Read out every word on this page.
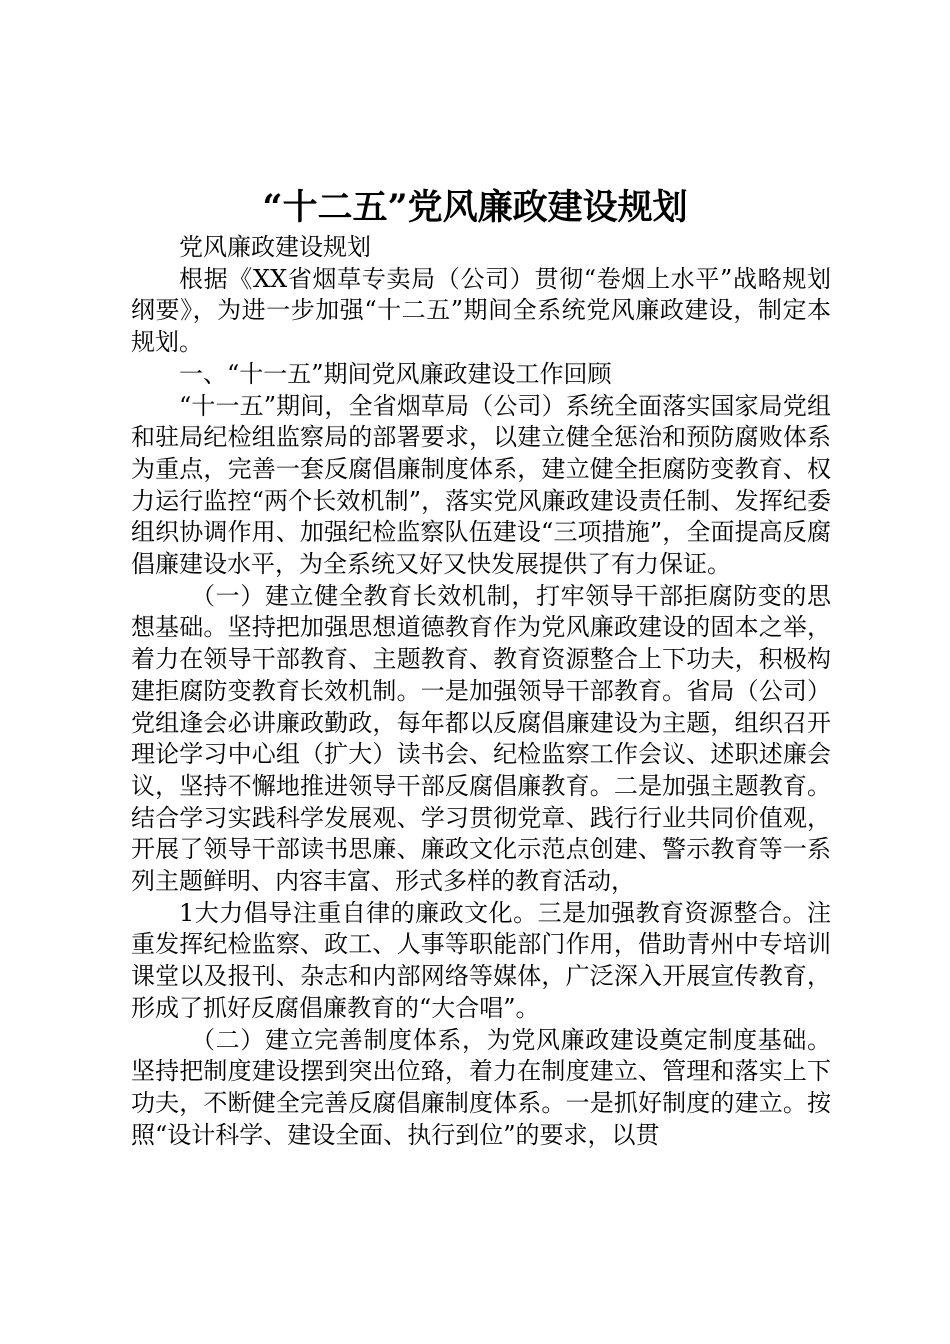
“十二五”党风廉政建设规划

党风廉政建设规划

根据《XX省烟草专卖局（公司）贯彻“卷烟上水平”战略规划纲要》，为进一步加强“十二五”期间全系统党风廉政建设，制定本规划。

一、“十一五”期间党风廉政建设工作回顾

“十一五”期间，全省烟草局（公司）系统全面落实国家局党组和驻局纪检组监察局的部署要求，以建立健全惩治和预防腐败体系为重点，完善一套反腐倡廉制度体系，建立健全拒腐防变教育、权力运行监控“两个长效机制”，落实党风廉政建设责任制、发挥纪委组织协调作用、加强纪检监察队伍建设“三项措施”，全面提高反腐倡廉建设水平，为全系统又好又快发展提供了有力保证。

（一）建立健全教育长效机制，打牢领导干部拒腐防变的思想基础。坚持把加强思想道德教育作为党风廉政建设的固本之举，着力在领导干部教育、主题教育、教育资源整合上下功夫，积极构建拒腐防变教育长效机制。一是加强领导干部教育。省局（公司）党组逢会必讲廉政勤政，每年都以反腐倡廉建设为主题，组织召开理论学习中心组（扩大）读书会、纪检监察工作会议、述职述廉会议，坚持不懈地推进领导干部反腐倡廉教育。二是加强主题教育。结合学习实践科学发展观、学习贯彻党章、践行行业共同价值观，开展了领导干部读书思廉、廉政文化示范点创建、警示教育等一系列主题鲜明、内容丰富、形式多样的教育活动，

1大力倡导注重自律的廉政文化。三是加强教育资源整合。注重发挥纪检监察、政工、人事等职能部门作用，借助青州中专培训课堂以及报刊、杂志和内部网络等媒体，广泛深入开展宣传教育，形成了抓好反腐倡廉教育的“大合唱”。

（二）建立完善制度体系，为党风廉政建设奠定制度基础。坚持把制度建设摆到突出位臵，着力在制度建立、管理和落实上下功夫，不断健全完善反腐倡廉制度体系。一是抓好制度的建立。按照“设计科学、建设全面、执行到位”的要求，以贯
